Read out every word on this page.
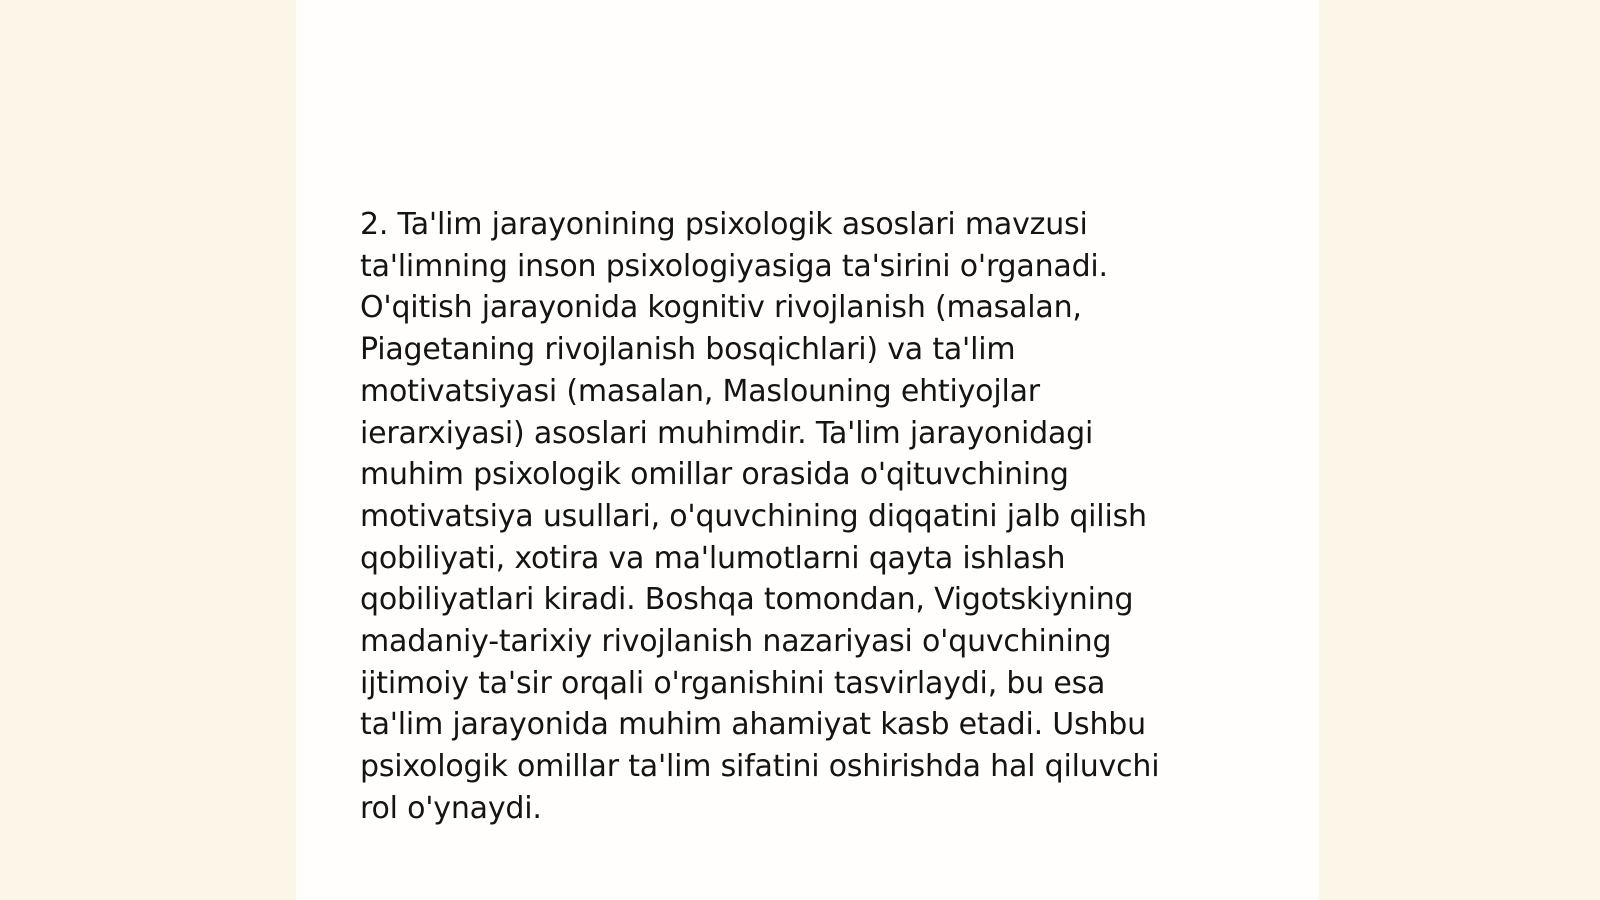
2. Ta'lim jarayonining psixologik asoslari mavzusi
ta'limning inson psixologiyasiga ta'sirini o'rganadi.
O'qitish jarayonida kognitiv rivojlanish (masalan,
Piagetaning rivojlanish bosqichlari) va ta'lim
motivatsiyasi (masalan, Maslouning ehtiyojlar
ierarxiyasi) asoslari muhimdir. Ta'lim jarayonidagi
muhim psixologik omillar orasida o'qituvchining
motivatsiya usullari, o'quvchining diqqatini jalb qilish
qobiliyati, xotira va ma'lumotlarni qayta ishlash
qobiliyatlari kiradi. Boshqa tomondan, Vigotskiyning
madaniy-tarixiy rivojlanish nazariyasi o'quvchining
ijtimoiy ta'sir orqali o'rganishini tasvirlaydi, bu esa
ta'lim jarayonida muhim ahamiyat kasb etadi. Ushbu
psixologik omillar ta'lim sifatini oshirishda hal qiluvchi
rol o'ynaydi.
